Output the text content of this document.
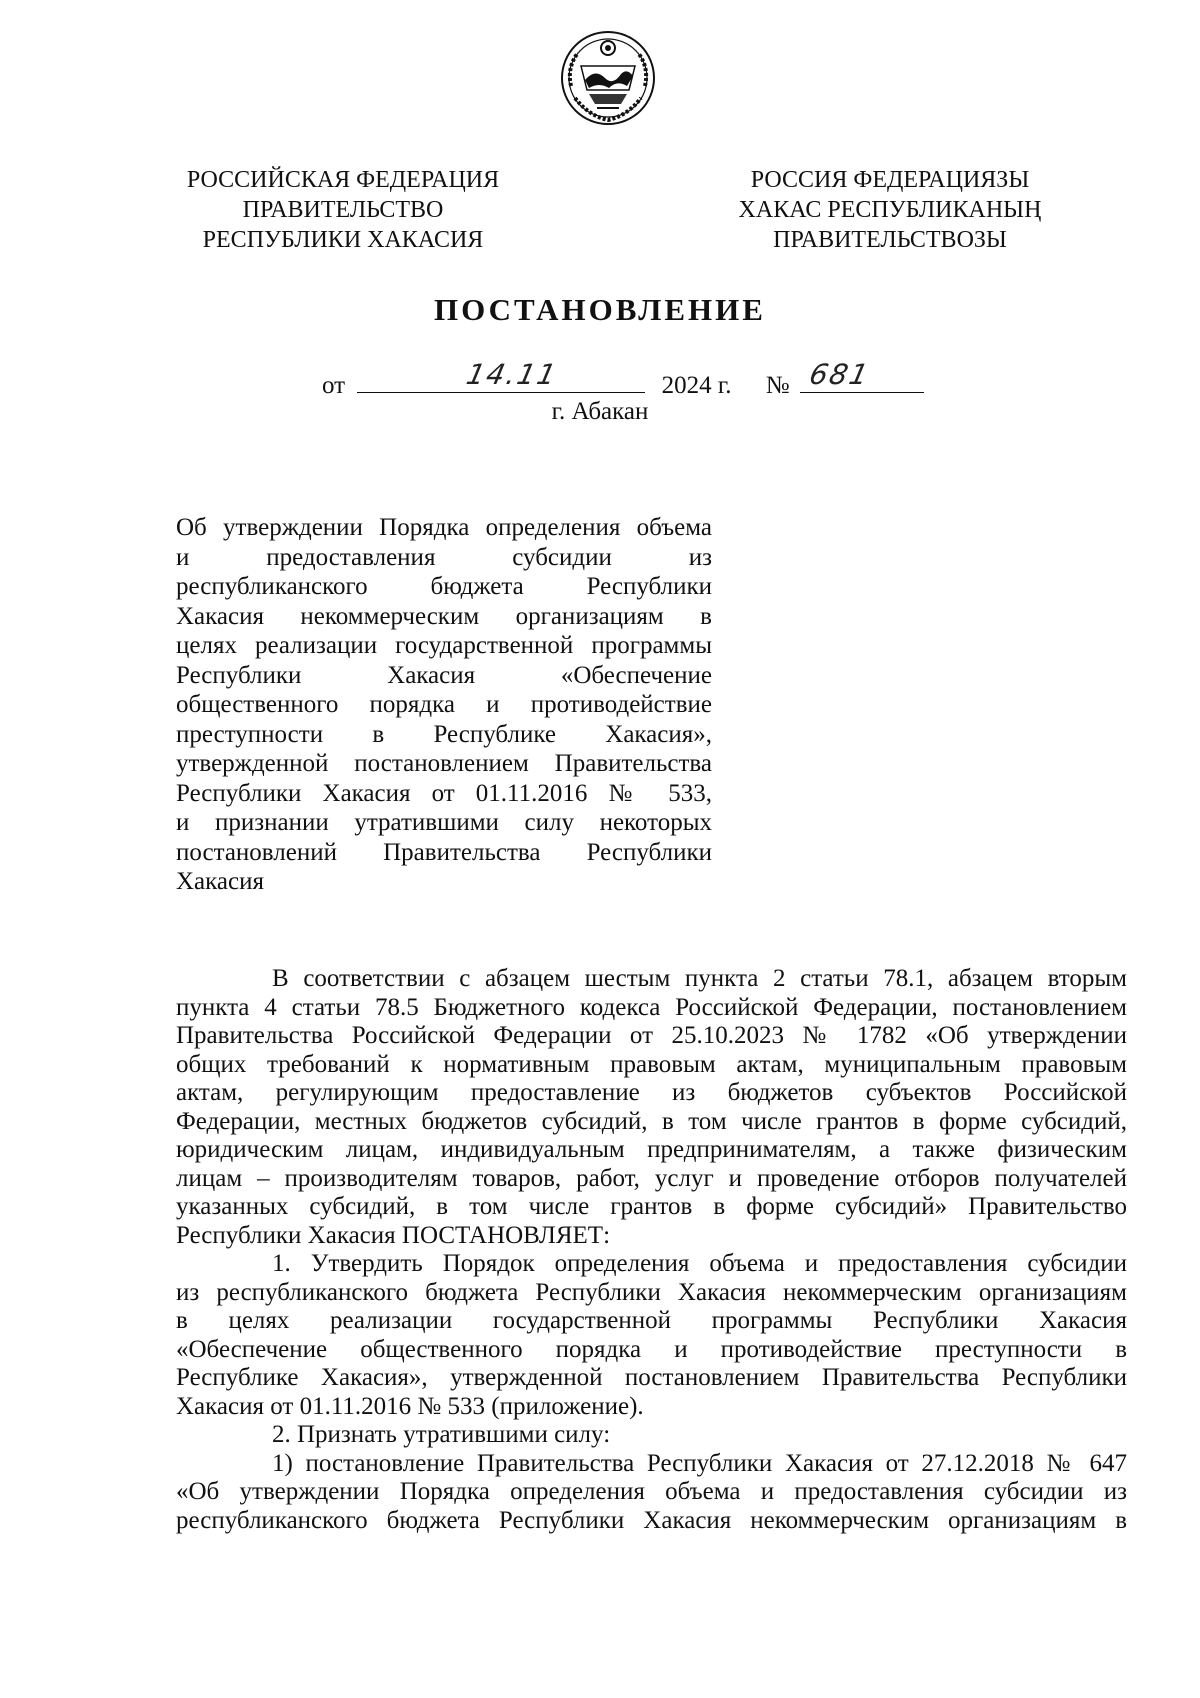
РОССИЙСКАЯ ФЕДЕРАЦИЯ
ПРАВИТЕЛЬСТВО
РЕСПУБЛИКИ ХАКАСИЯ
РОССИЯ ФЕДЕРАЦИЯЗЫ
ХАКАС РЕСПУБЛИКАНЫҢ
ПРАВИТЕЛЬСТВОЗЫ
ПОСТАНОВЛЕНИЕ
от	14.11	2024 г. № 681
г. Абакан
Об утверждении Порядка определения объема
и предоставления субсидии из
республиканского бюджета Республики
Хакасия некоммерческим организациям в
целях реализации государственной программы
Республики Хакасия «Обеспечение
общественного порядка и противодействие
преступности в Республике Хакасия»,
утвержденной постановлением Правительства
Республики Хакасия от 01.11.2016 № 533,
и признании утратившими силу некоторых
постановлений Правительства Республики
Хакасия
В соответствии с абзацем шестым пункта 2 статьи 78.1, абзацем вторым
пункта 4 статьи 78.5 Бюджетного кодекса Российской Федерации, постановлением
Правительства Российской Федерации от 25.10.2023 № 1782 «Об утверждении
общих требований к нормативным правовым актам, муниципальным правовым
актам, регулирующим предоставление из бюджетов субъектов Российской
Федерации, местных бюджетов субсидий, в том числе грантов в форме субсидий,
юридическим лицам, индивидуальным предпринимателям, а также физическим
лицам – производителям товаров, работ, услуг и проведение отборов получателей
указанных субсидий, в том числе грантов в форме субсидий» Правительство
Республики Хакасия ПОСТАНОВЛЯЕТ:
1. Утвердить Порядок определения объема и предоставления субсидии
из республиканского бюджета Республики Хакасия некоммерческим организациям
в целях реализации государственной программы Республики Хакасия
«Обеспечение общественного порядка и противодействие преступности в
Республике Хакасия», утвержденной постановлением Правительства Республики
Хакасия от 01.11.2016 № 533 (приложение).
2. Признать утратившими силу:
1) постановление Правительства Республики Хакасия от 27.12.2018 № 647
«Об утверждении Порядка определения объема и предоставления субсидии из
республиканского бюджета Республики Хакасия некоммерческим организациям в
